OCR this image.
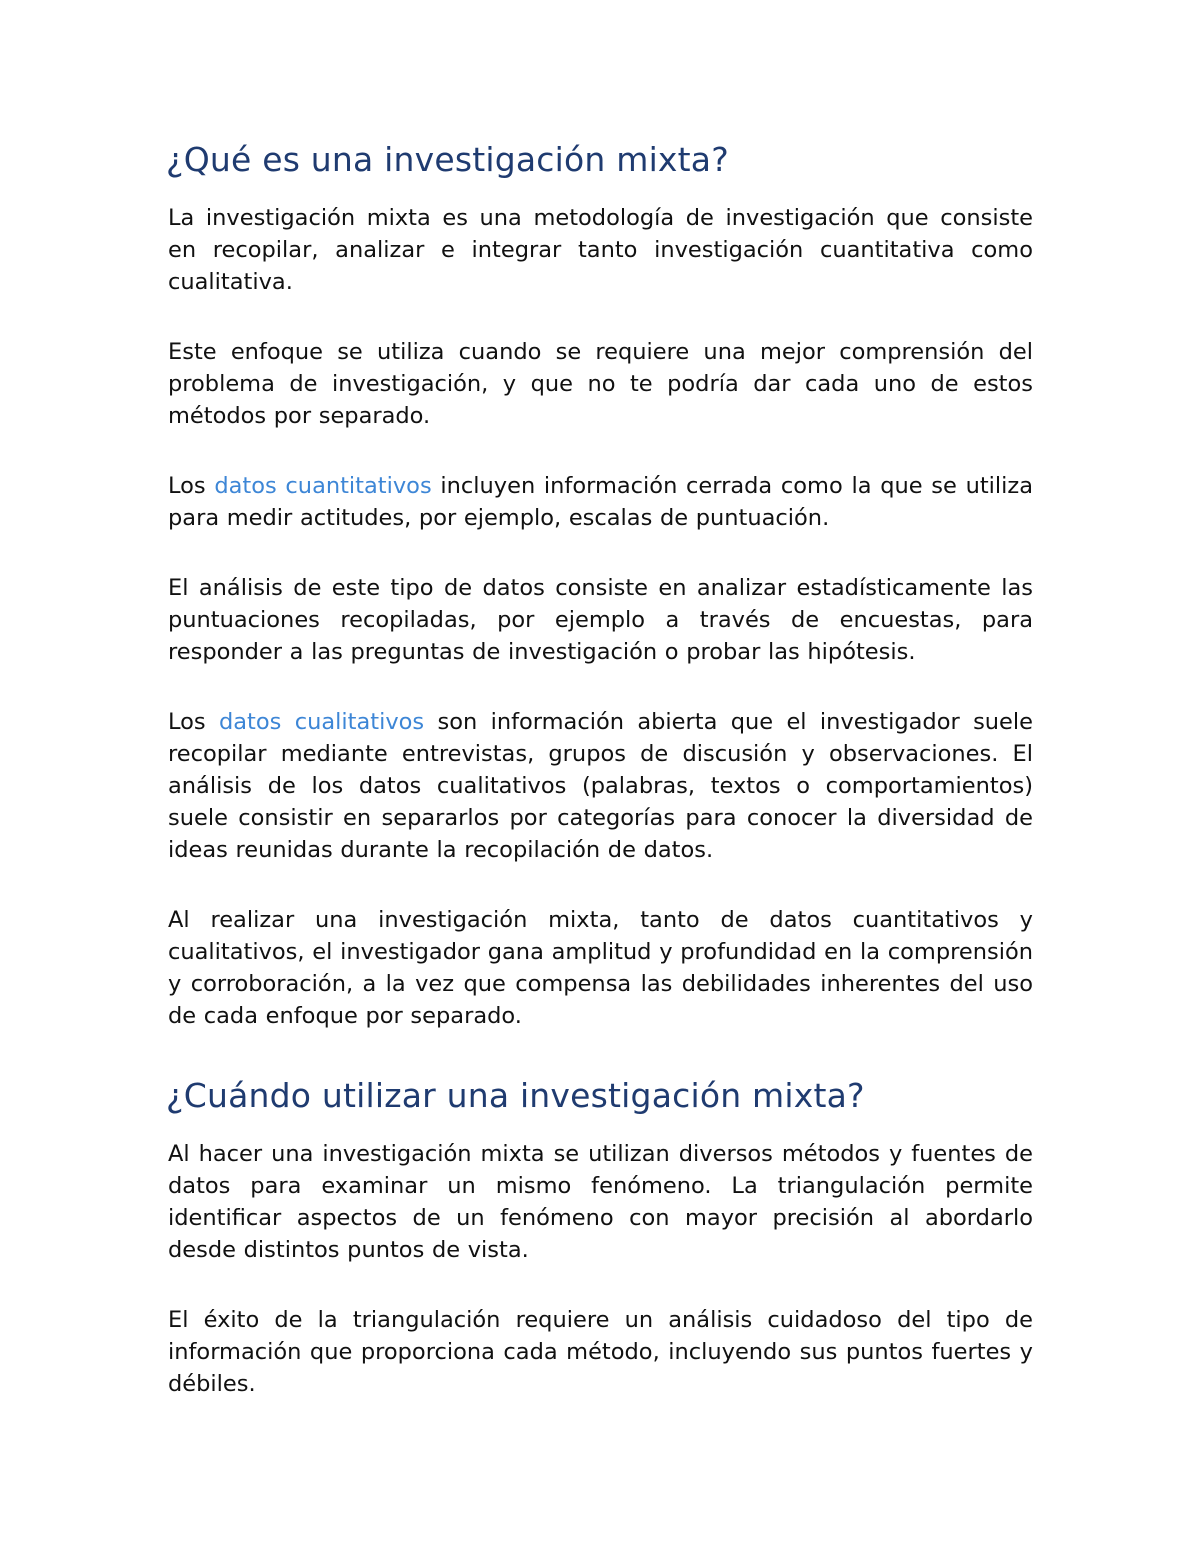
¿Qué es una investigación mixta?

La investigación mixta es una metodología de investigación que consiste en recopilar, analizar e integrar tanto investigación cuantitativa como cualitativa.

Este enfoque se utiliza cuando se requiere una mejor comprensión del problema de investigación, y que no te podría dar cada uno de estos métodos por separado.

Los datos cuantitativos incluyen información cerrada como la que se utiliza para medir actitudes, por ejemplo, escalas de puntuación.

El análisis de este tipo de datos consiste en analizar estadísticamente las puntuaciones recopiladas, por ejemplo a través de encuestas, para responder a las preguntas de investigación o probar las hipótesis.

Los datos cualitativos son información abierta que el investigador suele recopilar mediante entrevistas, grupos de discusión y observaciones. El análisis de los datos cualitativos (palabras, textos o comportamientos) suele consistir en separarlos por categorías para conocer la diversidad de ideas reunidas durante la recopilación de datos.

Al realizar una investigación mixta, tanto de datos cuantitativos y cualitativos, el investigador gana amplitud y profundidad en la comprensión y corroboración, a la vez que compensa las debilidades inherentes del uso de cada enfoque por separado.

¿Cuándo utilizar una investigación mixta?

Al hacer una investigación mixta se utilizan diversos métodos y fuentes de datos para examinar un mismo fenómeno. La triangulación permite identificar aspectos de un fenómeno con mayor precisión al abordarlo desde distintos puntos de vista.

El éxito de la triangulación requiere un análisis cuidadoso del tipo de información que proporciona cada método, incluyendo sus puntos fuertes y débiles.
